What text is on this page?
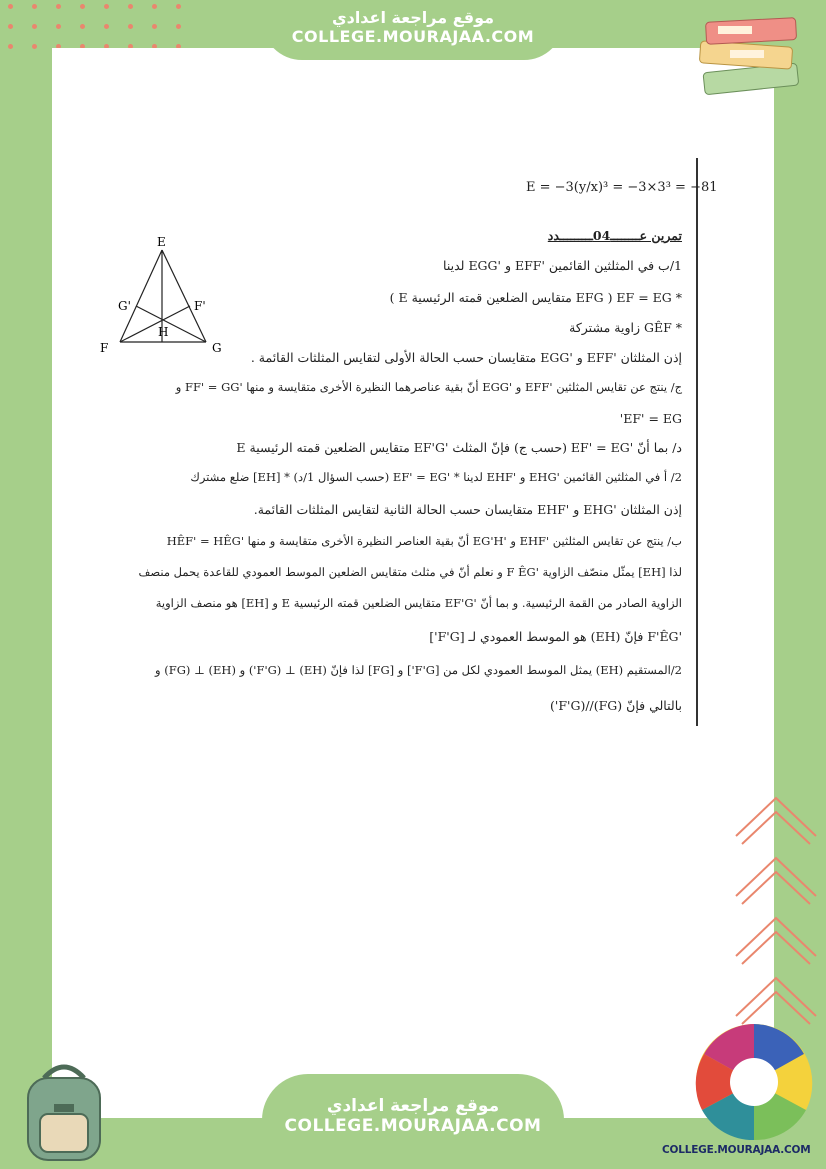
موقع مراجعة اعدادي
COLLEGE.MOURAJAA.COM
E = −3(y/x)³ = −3×3³ = −81
تمرين عــــــــ04ـــــــــدد
E
G'	F'
H
F	G
1/ب في المثلثين القائمين 'EFF و 'EGG لدينا
* EF = EG ( EFG متقايس الضلعين قمته الرئيسية E )
* GÊF زاوية مشتركة
إذن المثلثان 'EFF و 'EGG متقايسان حسب الحالة الأولى لتقايس المثلثات القائمة .
ج/ ينتج عن تقايس المثلثين 'EFF و 'EGG أنّ بقية عناصرهما النظيرة الأخرى متقايسة و منها 'FF' = GG و
EF' = EG'
د/ بما أنّ 'EF' = EG (حسب ج) فإنّ المثلث 'EF'G متقايس الضلعين قمته الرئيسية E
2/ أ في المثلثين القائمين 'EHG و 'EHF لدينا * 'EF' = EG (حسب السؤال 1/د) * [EH] ضلع مشترك
إذن المثلثان 'EHG و 'EHF متقايسان حسب الحالة الثانية لتقايس المثلثات القائمة.
ب/ ينتج عن تقايس المثلثين 'EHF و 'EG'H أنّ بقية العناصر النظيرة الأخرى متقايسة و منها 'HÊF' = HÊG
لذا [EH] يمثّل منصّف الزاوية 'F ÊG و نعلم أنّ في مثلث متقايس الضلعين الموسط العمودي للقاعدة يحمل منصف
الزاوية الصادر من القمة الرئيسية. و بما أنّ 'EF'G متقايس الضلعين قمته الرئيسية E و [EH] هو منصف الزاوية
'F'ÊG فإنّ (EH) هو الموسط العمودي لـ [F'G']
2/المستقيم (EH) يمثل الموسط العمودي لكل من [F'G'] و [FG] لذا فإنّ (EH) ⊥ (F'G') و (EH) ⊥ (FG) و
بالتالي فإنّ (FG)//(F'G')
COLLEGE.MOURAJAA.COM
موقع مراجعة اعدادي
COLLEGE.MOURAJAA.COM
